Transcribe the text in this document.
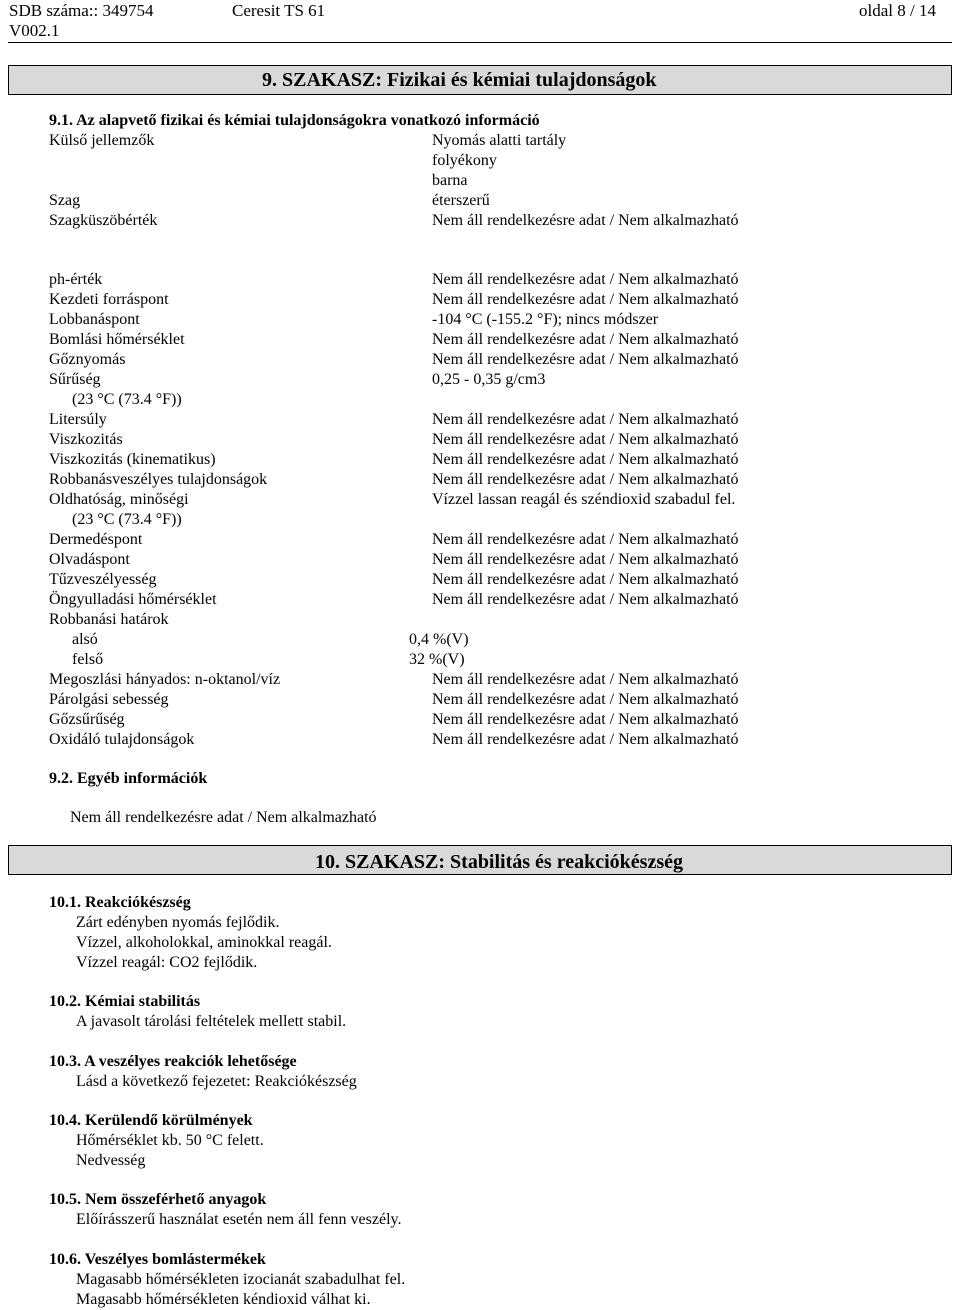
SDB száma:: 349754
V002.1
Ceresit TS 61	oldal 8 / 14
9. SZAKASZ: Fizikai és kémiai tulajdonságok
9.1. Az alapvető fizikai és kémiai tulajdonságokra vonatkozó információ
Külső jellemzők	Nyomás alatti tartály
folyékony
barna
Szag	éterszerű
Szagküszöbérték	Nem áll rendelkezésre adat / Nem alkalmazható
ph-érték	Nem áll rendelkezésre adat / Nem alkalmazható
Kezdeti forráspont	Nem áll rendelkezésre adat / Nem alkalmazható
Lobbanáspont	-104 °C (-155.2 °F); nincs módszer
Bomlási hőmérséklet	Nem áll rendelkezésre adat / Nem alkalmazható
Gőznyomás	Nem áll rendelkezésre adat / Nem alkalmazható
Sűrűség	0,25 - 0,35 g/cm3
(23 °C (73.4 °F))
Litersúly	Nem áll rendelkezésre adat / Nem alkalmazható
Viszkozitás	Nem áll rendelkezésre adat / Nem alkalmazható
Viszkozitás (kinematikus)	Nem áll rendelkezésre adat / Nem alkalmazható
Robbanásveszélyes tulajdonságok	Nem áll rendelkezésre adat / Nem alkalmazható
Oldhatóság, minőségi	Vízzel lassan reagál és széndioxid szabadul fel.
(23 °C (73.4 °F))
Dermedéspont	Nem áll rendelkezésre adat / Nem alkalmazható
Olvadáspont	Nem áll rendelkezésre adat / Nem alkalmazható
Tűzveszélyesség	Nem áll rendelkezésre adat / Nem alkalmazható
Öngyulladási hőmérséklet	Nem áll rendelkezésre adat / Nem alkalmazható
Robbanási határok
alsó	0,4 %(V)
felső	32 %(V)
Megoszlási hányados: n-oktanol/víz	Nem áll rendelkezésre adat / Nem alkalmazható
Párolgási sebesség	Nem áll rendelkezésre adat / Nem alkalmazható
Gőzsűrűség	Nem áll rendelkezésre adat / Nem alkalmazható
Oxidáló tulajdonságok	Nem áll rendelkezésre adat / Nem alkalmazható
9.2. Egyéb információk
Nem áll rendelkezésre adat / Nem alkalmazható
10. SZAKASZ: Stabilitás és reakciókészség
10.1. Reakciókészség
Zárt edényben nyomás fejlődik.
Vízzel, alkoholokkal, aminokkal reagál.
Vízzel reagál: CO2 fejlődik.
10.2. Kémiai stabilitás
A javasolt tárolási feltételek mellett stabil.
10.3. A veszélyes reakciók lehetősége
Lásd a következő fejezetet: Reakciókészség
10.4. Kerülendő körülmények
Hőmérséklet kb. 50 °C felett.
Nedvesség
10.5. Nem összeférhető anyagok
Előírásszerű használat esetén nem áll fenn veszély.
10.6. Veszélyes bomlástermékek
Magasabb hőmérsékleten izocianát szabadulhat fel.
Magasabb hőmérsékleten kéndioxid válhat ki.
